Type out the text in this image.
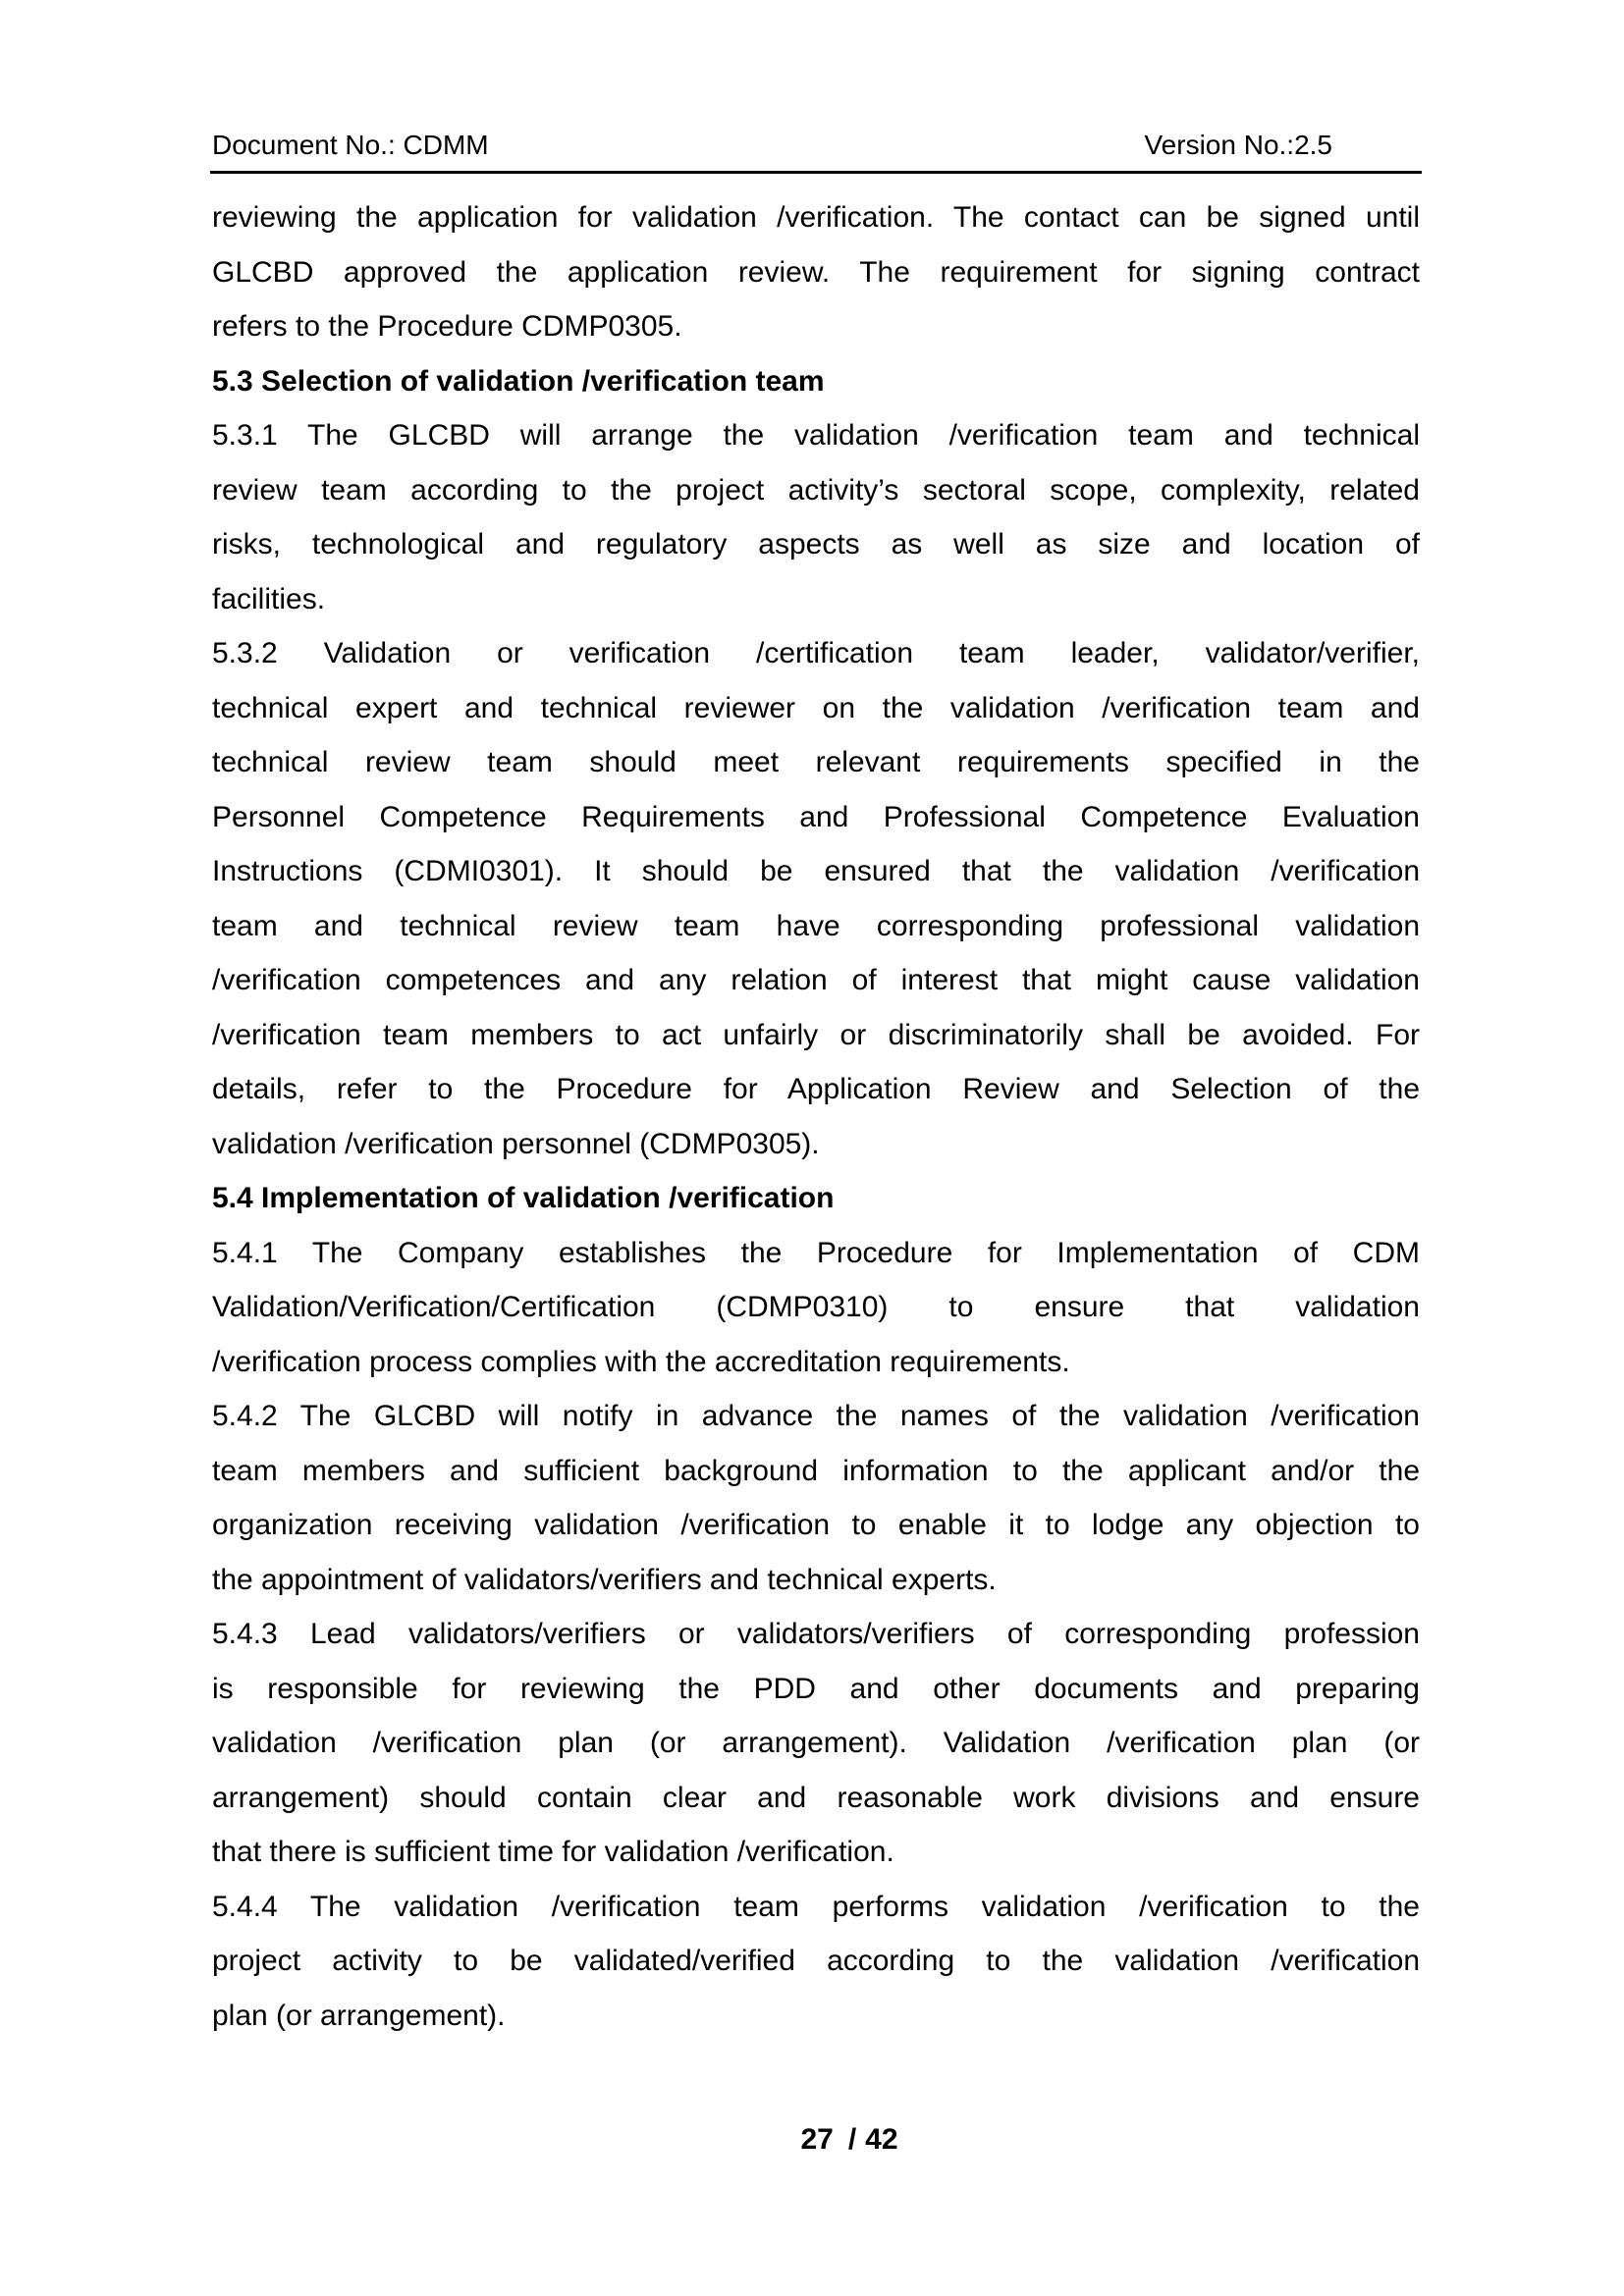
Document No.: CDMM	Version No.:2.5
reviewing the application for validation /verification. The contact can be signed until
GLCBD approved the application review. The requirement for signing contract
refers to the Procedure CDMP0305.
5.3 Selection of validation /verification team
5.3.1 The GLCBD will arrange the validation /verification team and technical
review team according to the project activity’s sectoral scope, complexity, related
risks, technological and regulatory aspects as well as size and location of
facilities.
5.3.2 Validation or verification /certification team leader, validator/verifier,
technical expert and technical reviewer on the validation /verification team and
technical review team should meet relevant requirements specified in the
Personnel Competence Requirements and Professional Competence Evaluation
Instructions (CDMI0301). It should be ensured that the validation /verification
team and technical review team have corresponding professional validation
/verification competences and any relation of interest that might cause validation
/verification team members to act unfairly or discriminatorily shall be avoided. For
details, refer to the Procedure for Application Review and Selection of the
validation /verification personnel (CDMP0305).
5.4 Implementation of validation /verification
5.4.1 The Company establishes the Procedure for Implementation of CDM
Validation/Verification/Certification (CDMP0310) to ensure that validation
/verification process complies with the accreditation requirements.
5.4.2 The GLCBD will notify in advance the names of the validation /verification
team members and sufficient background information to the applicant and/or the
organization receiving validation /verification to enable it to lodge any objection to
the appointment of validators/verifiers and technical experts.
5.4.3 Lead validators/verifiers or validators/verifiers of corresponding profession
is responsible for reviewing the PDD and other documents and preparing
validation /verification plan (or arrangement). Validation /verification plan (or
arrangement) should contain clear and reasonable work divisions and ensure
that there is sufficient time for validation /verification.
5.4.4 The validation /verification team performs validation /verification to the
project activity to be validated/verified according to the validation /verification
plan (or arrangement).
27 / 42
